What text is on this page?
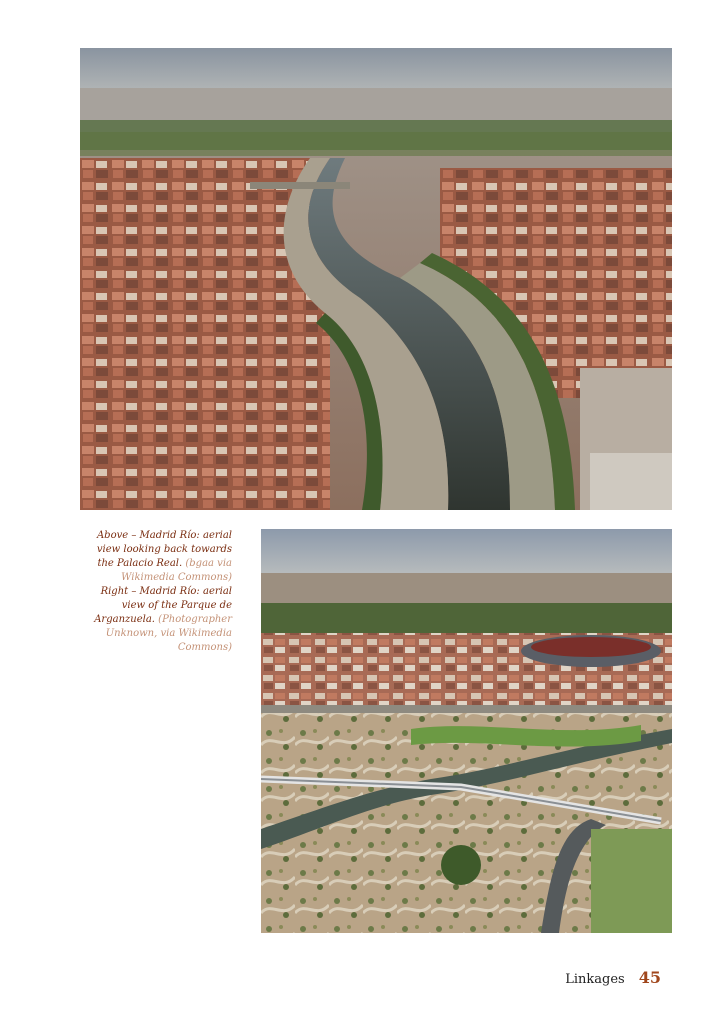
Above – Madrid Río: aerial view looking back towards the Palacio Real. (bgaa via Wikimedia Commons)

Right – Madrid Río: aerial view of the Parque de Arganzuela. (Photographer Unknown, via Wikimedia Commons)

Linkages 45
